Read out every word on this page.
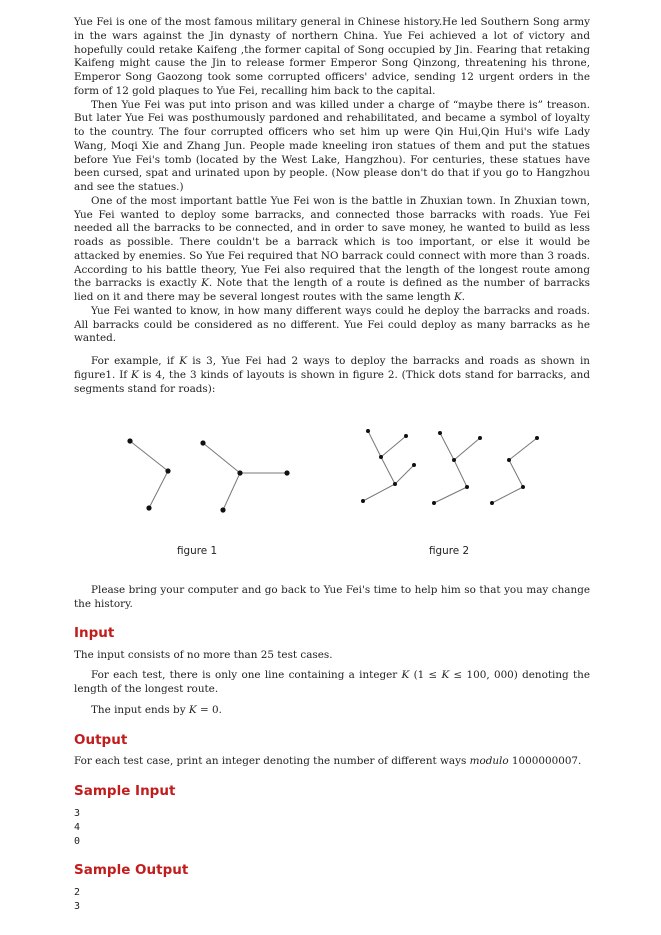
Yue Fei is one of the most famous military general in Chinese history.He led Southern Song army in the wars against the Jin dynasty of northern China. Yue Fei achieved a lot of victory and hopefully could retake Kaifeng ,the former capital of Song occupied by Jin. Fearing that retaking Kaifeng might cause the Jin to release former Emperor Song Qinzong, threatening his throne, Emperor Song Gaozong took some corrupted officers' advice, sending 12 urgent orders in the form of 12 gold plaques to Yue Fei, recalling him back to the capital.

Then Yue Fei was put into prison and was killed under a charge of “maybe there is” treason. But later Yue Fei was posthumously pardoned and rehabilitated, and became a symbol of loyalty to the country. The four corrupted officers who set him up were Qin Hui,Qin Hui's wife Lady Wang, Moqi Xie and Zhang Jun. People made kneeling iron statues of them and put the statues before Yue Fei's tomb (located by the West Lake, Hangzhou). For centuries, these statues have been cursed, spat and urinated upon by people. (Now please don't do that if you go to Hangzhou and see the statues.)

One of the most important battle Yue Fei won is the battle in Zhuxian town. In Zhuxian town, Yue Fei wanted to deploy some barracks, and connected those barracks with roads. Yue Fei needed all the barracks to be connected, and in order to save money, he wanted to build as less roads as possible. There couldn't be a barrack which is too important, or else it would be attacked by enemies. So Yue Fei required that NO barrack could connect with more than 3 roads. According to his battle theory, Yue Fei also required that the length of the longest route among the barracks is exactly K. Note that the length of a route is defined as the number of barracks lied on it and there may be several longest routes with the same length K.

Yue Fei wanted to know, in how many different ways could he deploy the barracks and roads. All barracks could be considered as no different. Yue Fei could deploy as many barracks as he wanted.

For example, if K is 3, Yue Fei had 2 ways to deploy the barracks and roads as shown in figure1. If K is 4, the 3 kinds of layouts is shown in figure 2. (Thick dots stand for barracks, and segments stand for roads):

figure 1	figure 2

Please bring your computer and go back to Yue Fei's time to help him so that you may change the history.

Input

The input consists of no more than 25 test cases.

For each test, there is only one line containing a integer K (1 ≤ K ≤ 100, 000) denoting the length of the longest route.

The input ends by K = 0.

Output

For each test case, print an integer denoting the number of different ways modulo 1000000007.

Sample Input
3
4
0
Sample Output
2
3
